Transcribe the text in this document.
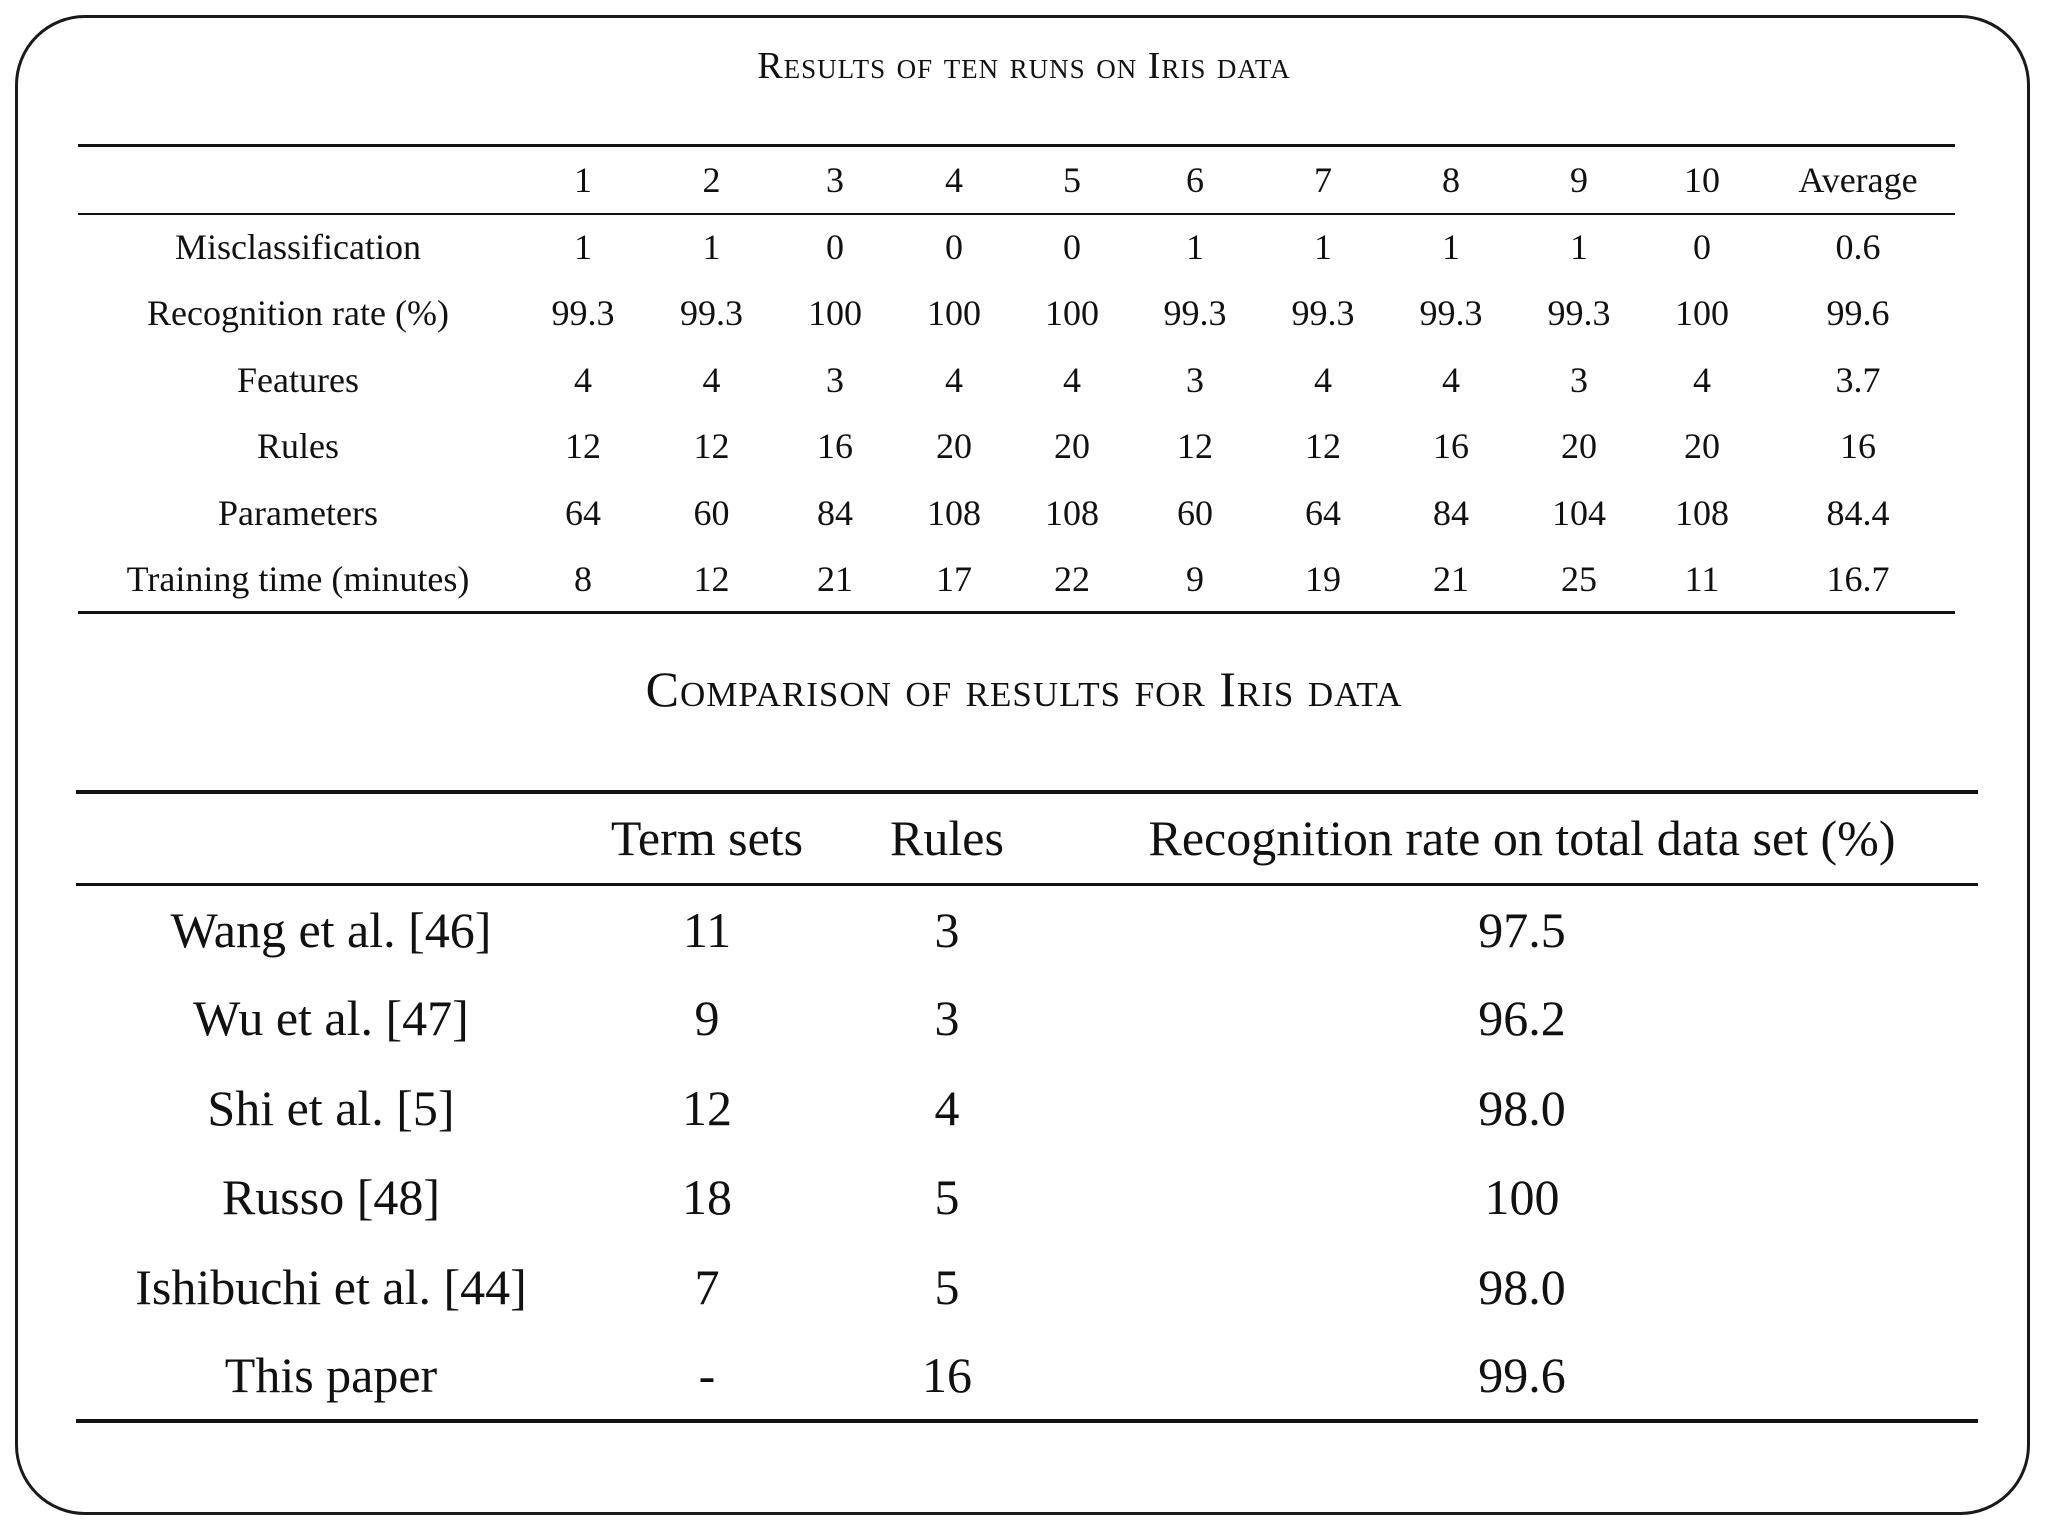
Results of ten runs on Iris data
	1	2	3	4	5	6	7	8	9	10	Average
Misclassification	1	1	0	0	0	1	1	1	1	0	0.6
Recognition rate (%)	99.3	99.3	100	100	100	99.3	99.3	99.3	99.3	100	99.6
Features	4	4	3	4	4	3	4	4	3	4	3.7
Rules	12	12	16	20	20	12	12	16	20	20	16
Parameters	64	60	84	108	108	60	64	84	104	108	84.4
Training time (minutes)	8	12	21	17	22	9	19	21	25	11	16.7
Comparison of results for Iris data
	Term sets	Rules	Recognition rate on total data set (%)
Wang et al. [46]	11	3	97.5
Wu et al. [47]	9	3	96.2
Shi et al. [5]	12	4	98.0
Russo [48]	18	5	100
Ishibuchi et al. [44]	7	5	98.0
This paper	-	16	99.6
